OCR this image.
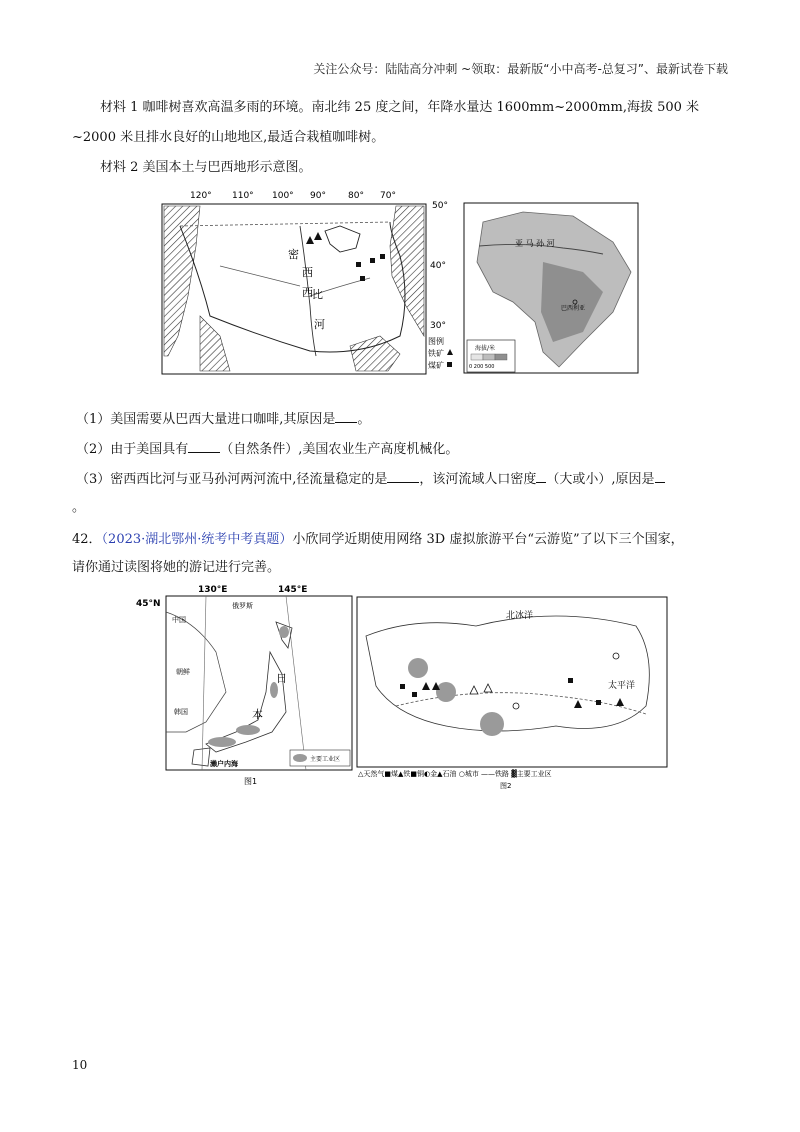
关注公众号：陆陆高分冲刺 ~领取：最新版“小中高考-总复习”、最新试卷下载
材料 1 咖啡树喜欢高温多雨的环境。南北纬 25 度之间，年降水量达 1600mm~2000mm,海拔 500 米
~2000 米且排水良好的山地地区,最适合栽植咖啡树。
材料 2 美国本土与巴西地形示意图。
120° 110° 100° 90° 80° 70°
50°
40°
30°
密
西
西 比
河
图例
铁矿
煤矿
亚 马 孙 河
巴西利亚
海拔/米
0 200 500
（1）美国需要从巴西大量进口咖啡,其原因是 。
（2）由于美国具有 （自然条件）,美国农业生产高度机械化。
（3）密西西比河与亚马孙河两河流中,径流量稳定的是 ，该河流域人口密度 （大或小）,原因是
。
42．（2023·湖北鄂州·统考中考真题）小欣同学近期使用网络 3D 虚拟旅游平台“云游览”了以下三个国家，
请你通过读图将她的游记进行完善。
130°E	145°E
45°N	俄罗斯
中国
朝鲜
韩国
日
本
濑户内海
主要工业区
图1
北冰洋
太平洋
△天然气■煤▲铁■铜◐金▲石油 ○城市 ——铁路 ▓主要工业区
图2
10
